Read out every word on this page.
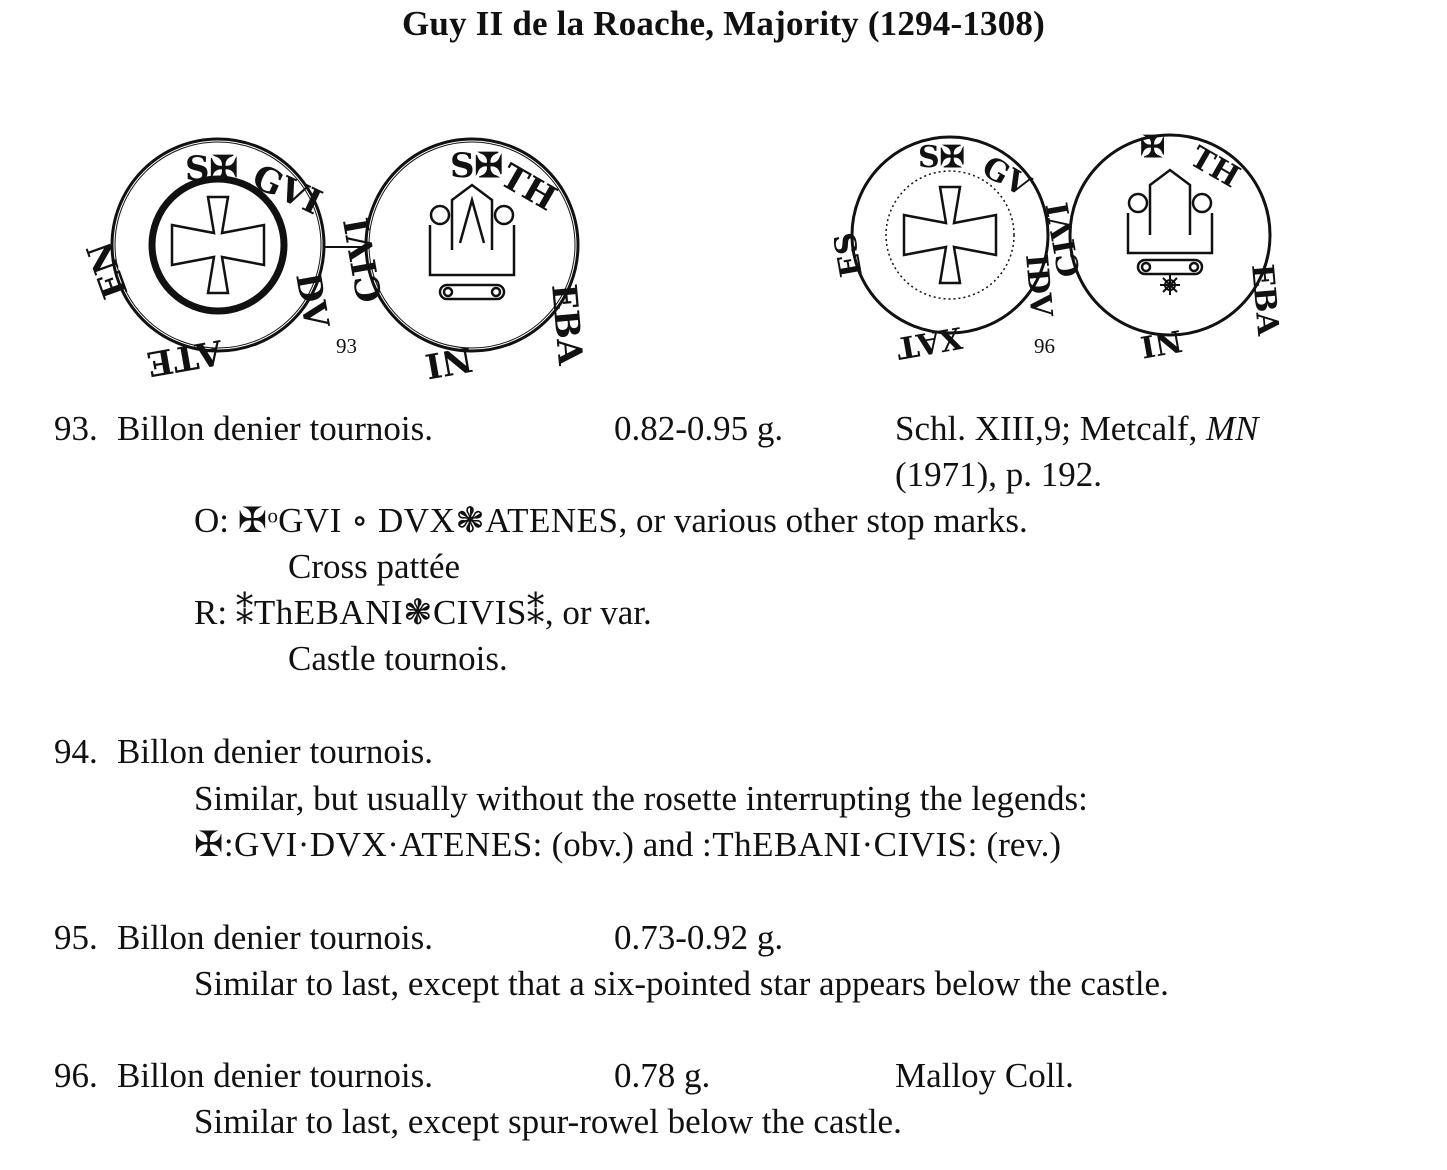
Guy II de la Roache, Majority (1294-1308)
S✠ GVI
DV
ATE
EN
S✠
TH
EBA
NI
CIVI
93
S✠ GV
IDV
XAT
ES
✠ TH
EBA
NI
CIVI
96
93. Billon denier tournois.	0.82-0.95 g.	Schl. XIII,9; Metcalf, MN
(1971), p. 192.
O: ✠ᵒGVI ∘ DVX❃ATENES, or various other stop marks.
Cross pattée
R: ⁑ThEBANI❃CIVIS⁑, or var.
Castle tournois.
94. Billon denier tournois.
Similar, but usually without the rosette interrupting the legends:
✠:GVI·DVX·ATENES: (obv.) and :ThEBANI·CIVIS: (rev.)
95. Billon denier tournois.	0.73-0.92 g.
Similar to last, except that a six-pointed star appears below the castle.
96. Billon denier tournois.	0.78 g.	Malloy Coll.
Similar to last, except spur-rowel below the castle.
